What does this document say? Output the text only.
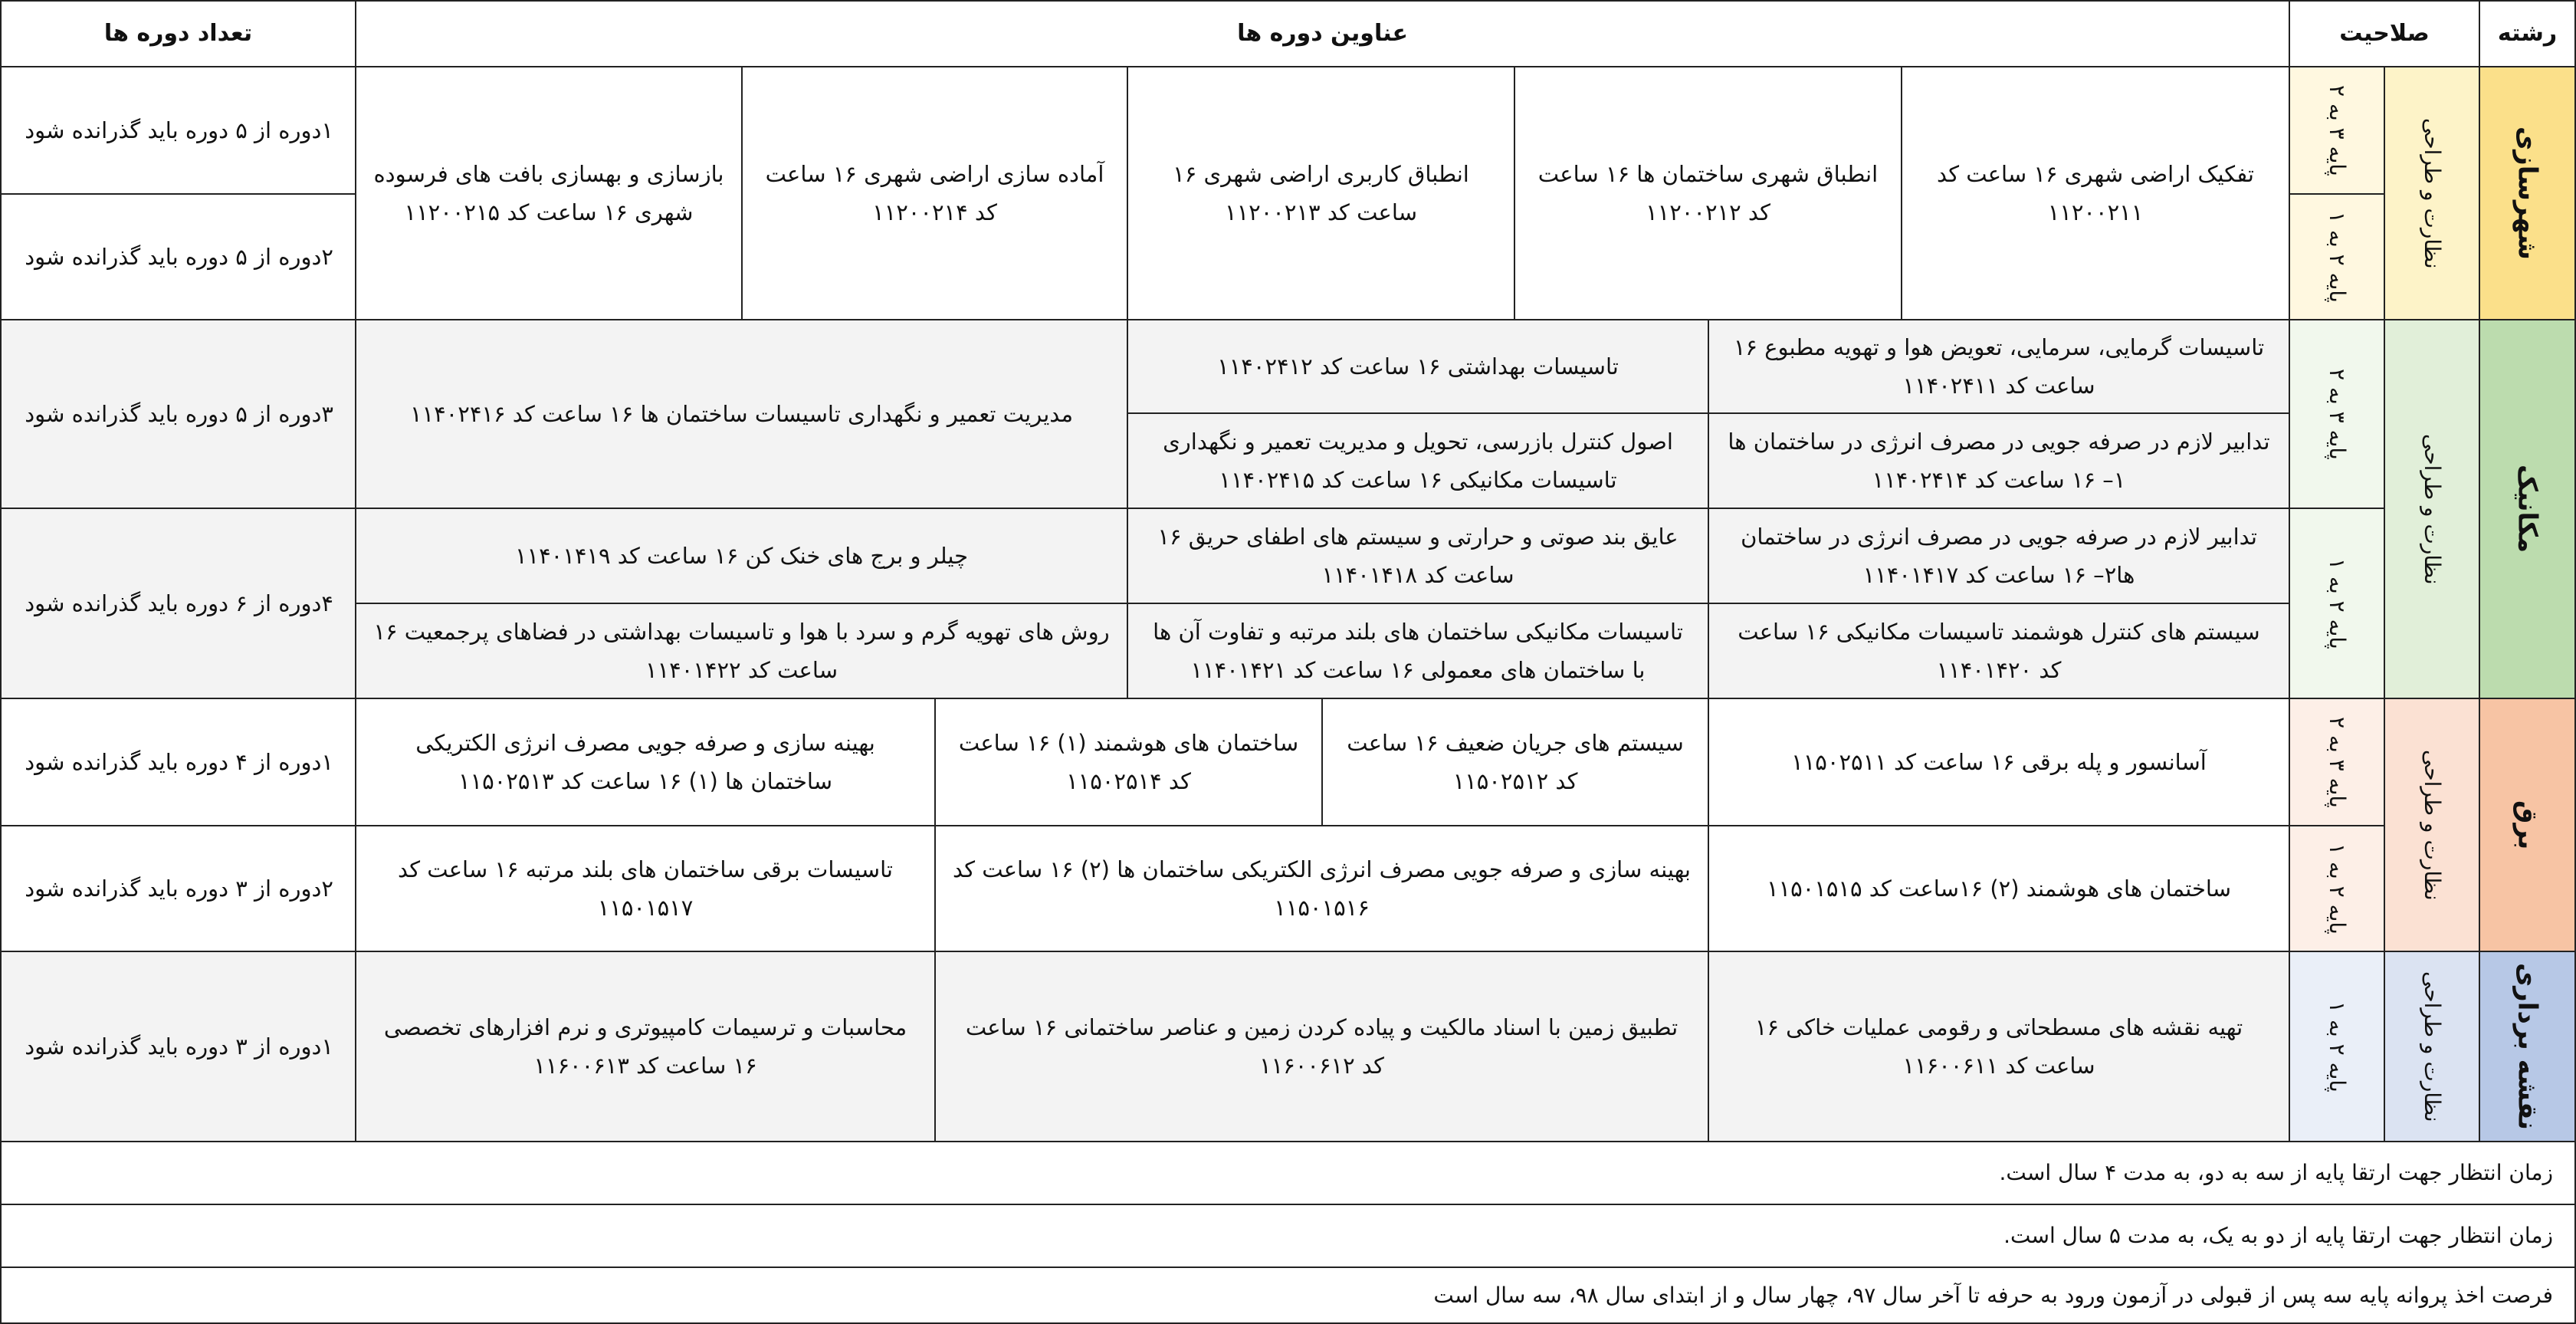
رشته
صلاحیت
عناوین دوره ها
تعداد دوره ها
شهرسازی
نظارت و طراحی
پایه ۳ به ۲
پایه ۲ به ۱
تفکیک اراضی شهری ۱۶ ساعت کد ۱۱۲۰۰۲۱۱
انطباق شهری ساختمان ها ۱۶ ساعت کد ۱۱۲۰۰۲۱۲
انطباق کاربری اراضی شهری ۱۶ ساعت کد ۱۱۲۰۰۲۱۳
آماده سازی اراضی شهری ۱۶ ساعت کد ۱۱۲۰۰۲۱۴
بازسازی و بهسازی بافت های فرسوده شهری ۱۶ ساعت کد ۱۱۲۰۰۲۱۵
۱دوره از ۵ دوره باید گذرانده شود
۲دوره از ۵ دوره باید گذرانده شود
مکانیک
نظارت و طراحی
پایه ۳ به ۲
پایه ۲ به ۱
تاسیسات گرمایی، سرمایی، تعویض هوا و تهویه مطبوع ۱۶ ساعت کد ۱۱۴۰۲۴۱۱
تاسیسات بهداشتی ۱۶ ساعت کد ۱۱۴۰۲۴۱۲
تدابیر لازم در صرفه جویی در مصرف انرژی در ساختمان ها ۱– ۱۶ ساعت کد ۱۱۴۰۲۴۱۴
اصول کنترل بازرسی، تحویل و مدیریت تعمیر و نگهداری تاسیسات مکانیکی ۱۶ ساعت کد ۱۱۴۰۲۴۱۵
مدیریت تعمیر و نگهداری تاسیسات ساختمان ها ۱۶ ساعت کد ۱۱۴۰۲۴۱۶
تدابیر لازم در صرفه جویی در مصرف انرژی در ساختمان ها۲– ۱۶ ساعت کد ۱۱۴۰۱۴۱۷
عایق بند صوتی و حرارتی و سیستم های اطفای حریق ۱۶ ساعت کد ۱۱۴۰۱۴۱۸
چیلر و برج های خنک کن ۱۶ ساعت کد ۱۱۴۰۱۴۱۹
سیستم های کنترل هوشمند تاسیسات مکانیکی ۱۶ ساعت کد ۱۱۴۰۱۴۲۰
تاسیسات مکانیکی ساختمان های بلند مرتبه و تفاوت آن ها با ساختمان های معمولی ۱۶ ساعت کد ۱۱۴۰۱۴۲۱
روش های تهویه گرم و سرد با هوا و تاسیسات بهداشتی در فضاهای پرجمعیت ۱۶ ساعت کد ۱۱۴۰۱۴۲۲
۳دوره از ۵ دوره باید گذرانده شود
۴دوره از ۶ دوره باید گذرانده شود
برق
نظارت و طراحی
پایه ۳ به ۲
پایه ۲ به ۱
آسانسور و پله برقی ۱۶ ساعت کد ۱۱۵۰۲۵۱۱
سیستم های جریان ضعیف ۱۶ ساعت کد ۱۱۵۰۲۵۱۲
ساختمان های هوشمند (۱) ۱۶ ساعت کد ۱۱۵۰۲۵۱۴
بهینه سازی و صرفه جویی مصرف انرژی الکتریکی ساختمان ها (۱) ۱۶ ساعت کد ۱۱۵۰۲۵۱۳
ساختمان های هوشمند (۲) ۱۶ساعت کد ۱۱۵۰۱۵۱۵
بهینه سازی و صرفه جویی مصرف انرژی الکتریکی ساختمان ها (۲) ۱۶ ساعت کد ۱۱۵۰۱۵۱۶
تاسیسات برقی ساختمان های بلند مرتبه ۱۶ ساعت کد ۱۱۵۰۱۵۱۷
۱دوره از ۴ دوره باید گذرانده شود
۲دوره از ۳ دوره باید گذرانده شود
نقشه برداری
نظارت و طراحی
پایه ۲ به ۱
تهیه نقشه های مسطحاتی و رقومی عملیات خاکی ۱۶ ساعت کد ۱۱۶۰۰۶۱۱
تطبیق زمین با اسناد مالکیت و پیاده کردن زمین و عناصر ساختمانی ۱۶ ساعت کد ۱۱۶۰۰۶۱۲
محاسبات و ترسیمات کامپیوتری و نرم افزارهای تخصصی ۱۶ ساعت کد ۱۱۶۰۰۶۱۳
۱دوره از ۳ دوره باید گذرانده شود
زمان انتظار جهت ارتقا پایه از سه به دو، به مدت ۴ سال است.
زمان انتظار جهت ارتقا پایه از دو به یک، به مدت ۵ سال است.
فرصت اخذ پروانه پایه سه پس از قبولی در آزمون ورود به حرفه تا آخر سال ۹۷، چهار سال و از ابتدای سال ۹۸، سه سال است
